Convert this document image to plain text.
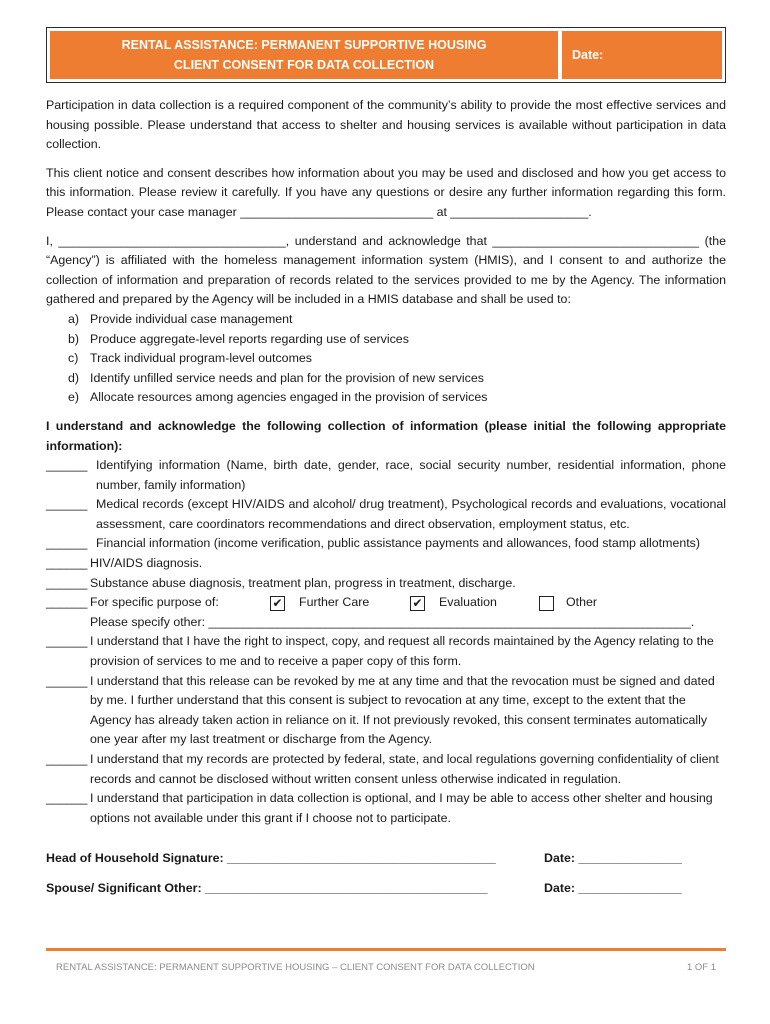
RENTAL ASSISTANCE: PERMANENT SUPPORTIVE HOUSING
CLIENT CONSENT FOR DATA COLLECTION
Date:

Participation in data collection is a required component of the community’s ability to provide the most effective services and housing possible. Please understand that access to shelter and housing services is available without participation in data collection.

This client notice and consent describes how information about you may be used and disclosed and how you get access to this information. Please review it carefully. If you have any questions or desire any further information regarding this form. Please contact your case manager ____________________________ at ____________________.

I, _________________________________, understand and acknowledge that ______________________________ (the “Agency”) is affiliated with the homeless management information system (HMIS), and I consent to and authorize the collection of information and preparation of records related to the services provided to me by the Agency. The information gathered and prepared by the Agency will be included in a HMIS database and shall be used to:

a) Provide individual case management
b) Produce aggregate-level reports regarding use of services
c) Track individual program-level outcomes
d) Identify unfilled service needs and plan for the provision of new services
e) Allocate resources among agencies engaged in the provision of services

I understand and acknowledge the following collection of information (please initial the following appropriate information):

______ Identifying information (Name, birth date, gender, race, social security number, residential information, phone number, family information)
______ Medical records (except HIV/AIDS and alcohol/ drug treatment), Psychological records and evaluations, vocational assessment, care coordinators recommendations and direct observation, employment status, etc.
______ Financial information (income verification, public assistance payments and allowances, food stamp allotments)
______ HIV/AIDS diagnosis.
______ Substance abuse diagnosis, treatment plan, progress in treatment, discharge.
______ For specific purpose of:	✔	Further Care	✔	Evaluation	Other
Please specify other: ______________________________________________________________________.
______ I understand that I have the right to inspect, copy, and request all records maintained by the Agency relating to the provision of services to me and to receive a paper copy of this form.
______ I understand that this release can be revoked by me at any time and that the revocation must be signed and dated by me. I further understand that this consent is subject to revocation at any time, except to the extent that the Agency has already taken action in reliance on it. If not previously revoked, this consent terminates automatically one year after my last treatment or discharge from the Agency.
______ I understand that my records are protected by federal, state, and local regulations governing confidentiality of client records and cannot be disclosed without written consent unless otherwise indicated in regulation.
______ I understand that participation in data collection is optional, and I may be able to access other shelter and housing options not available under this grant if I choose not to participate.
Head of Household Signature: _______________________________________	Date: _______________
Spouse/ Significant Other: _________________________________________	Date: _______________
RENTAL ASSISTANCE: PERMANENT SUPPORTIVE HOUSING – CLIENT CONSENT FOR DATA COLLECTION	1 OF 1
